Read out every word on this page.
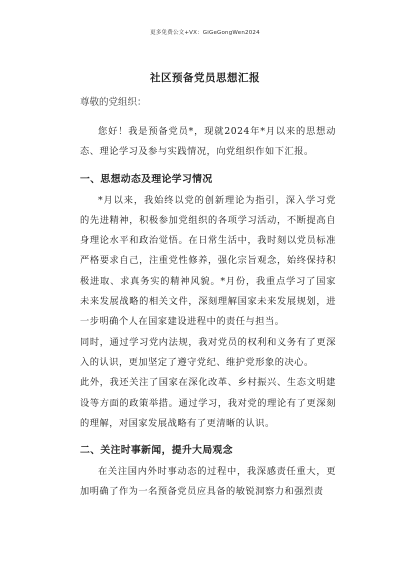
更多免费公文+VX：GiGeGongWen2024
社区预备党员思想汇报
尊敬的党组织：

您好！我是预备党员*，现就2024年*月以来的思想动态、理论学习及参与实践情况，向党组织作如下汇报。

一、思想动态及理论学习情况

*月以来，我始终以党的创新理论为指引，深入学习党的先进精神，积极参加党组织的各项学习活动，不断提高自身理论水平和政治觉悟。在日常生活中，我时刻以党员标准严格要求自己，注重党性修养，强化宗旨观念，始终保持积极进取、求真务实的精神风貌。*月份，我重点学习了国家未来发展战略的相关文件，深刻理解国家未来发展规划，进一步明确个人在国家建设进程中的责任与担当。

同时，通过学习党内法规，我对党员的权利和义务有了更深入的认识，更加坚定了遵守党纪、维护党形象的决心。

此外，我还关注了国家在深化改革、乡村振兴、生态文明建设等方面的政策举措。通过学习，我对党的理论有了更深刻的理解，对国家发展战略有了更清晰的认识。

二、关注时事新闻，提升大局观念

在关注国内外时事动态的过程中，我深感责任重大，更加明确了作为一名预备党员应具备的敏锐洞察力和强烈责
